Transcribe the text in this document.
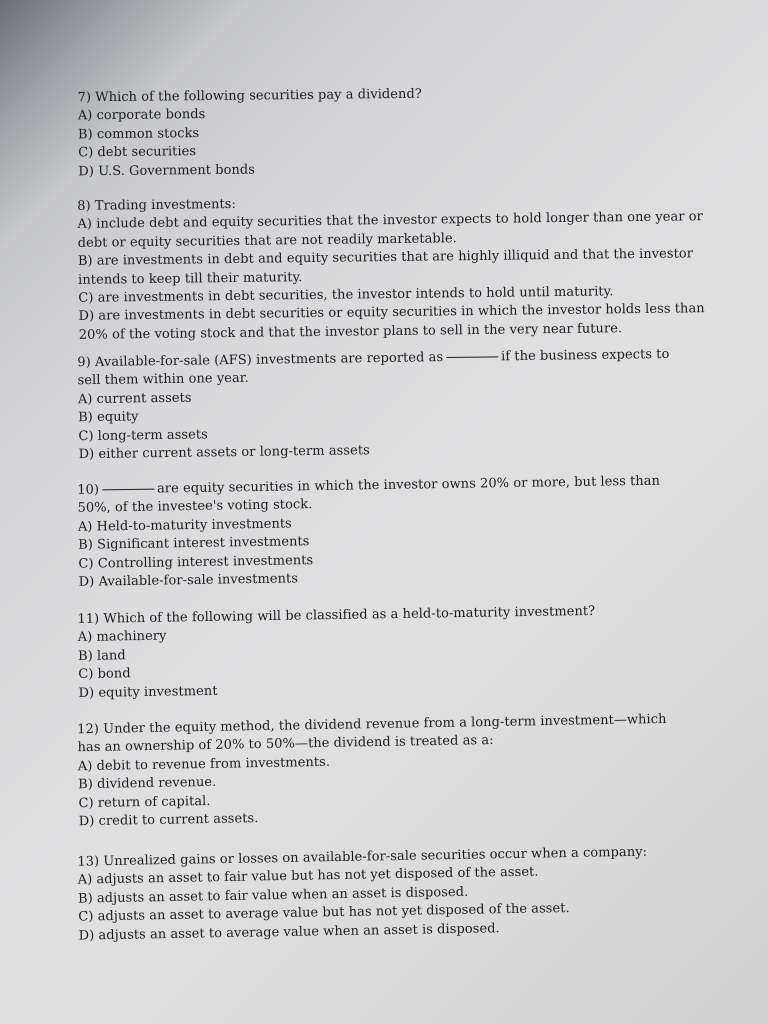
7) Which of the following securities pay a dividend?
A) corporate bonds
B) common stocks
C) debt securities
D) U.S. Government bonds
8) Trading investments:
A) include debt and equity securities that the investor expects to hold longer than one year or debt or equity securities that are not readily marketable.
B) are investments in debt and equity securities that are highly illiquid and that the investor intends to keep till their maturity.
C) are investments in debt securities, the investor intends to hold until maturity.
D) are investments in debt securities or equity securities in which the investor holds less than 20% of the voting stock and that the investor plans to sell in the very near future.
9) Available-for-sale (AFS) investments are reported as	if the business expects to sell them within one year.
A) current assets
B) equity
C) long-term assets
D) either current assets or long-term assets
10)	are equity securities in which the investor owns 20% or more, but less than 50%, of the investee's voting stock.
A) Held-to-maturity investments
B) Significant interest investments
C) Controlling interest investments
D) Available-for-sale investments
11) Which of the following will be classified as a held-to-maturity investment?
A) machinery
B) land
C) bond
D) equity investment
12) Under the equity method, the dividend revenue from a long-term investment—which has an ownership of 20% to 50%—the dividend is treated as a:
A) debit to revenue from investments.
B) dividend revenue.
C) return of capital.
D) credit to current assets.
13) Unrealized gains or losses on available-for-sale securities occur when a company:
A) adjusts an asset to fair value but has not yet disposed of the asset.
B) adjusts an asset to fair value when an asset is disposed.
C) adjusts an asset to average value but has not yet disposed of the asset.
D) adjusts an asset to average value when an asset is disposed.
